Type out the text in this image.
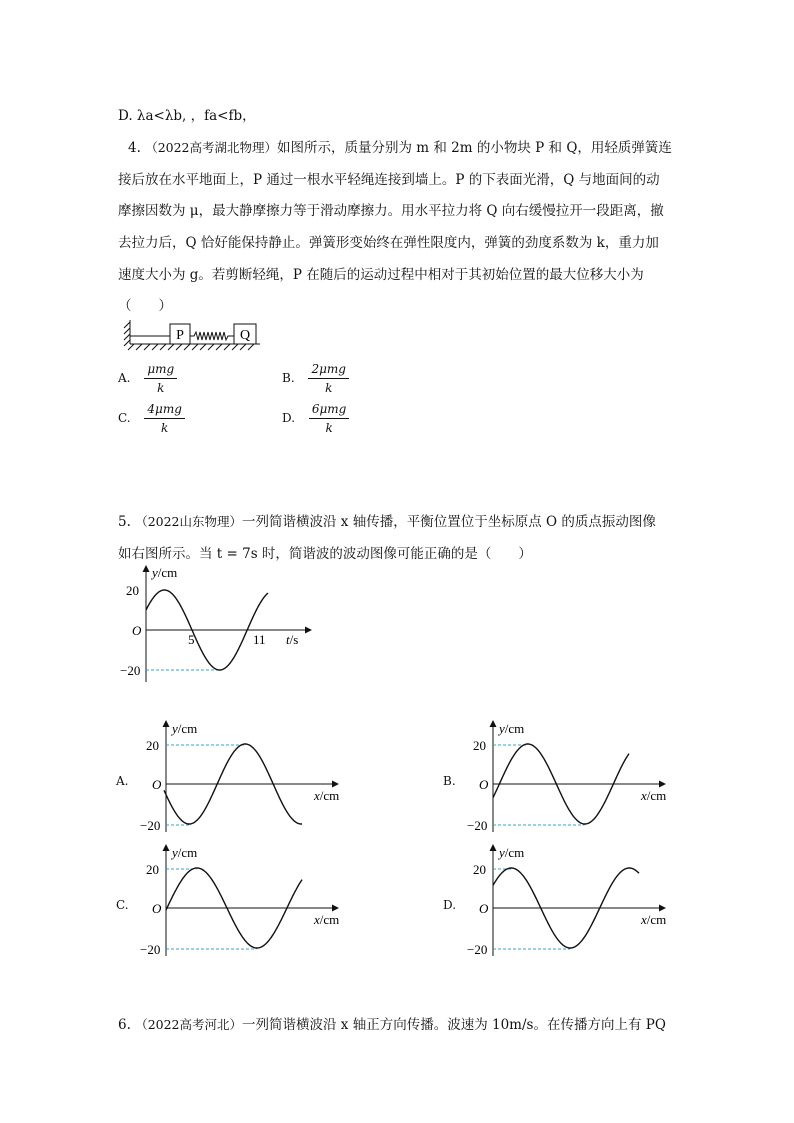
D. λa<λb, ，fa<fb，
4. （2022高考湖北物理）如图所示，质量分别为 m 和 2m 的小物块 P 和 Q，用轻质弹簧连
接后放在水平地面上，P 通过一根水平轻绳连接到墙上。P 的下表面光滑，Q 与地面间的动
摩擦因数为 μ，最大静摩擦力等于滑动摩擦力。用水平拉力将 Q 向右缓慢拉开一段距离，撤
去拉力后，Q 恰好能保持静止。弹簧形变始终在弹性限度内，弹簧的劲度系数为 k，重力加
速度大小为 g。若剪断轻绳，P 在随后的运动过程中相对于其初始位置的最大位移大小为
（　　）
P	Q
A. $\frac{\text{μmg}}{k}$	B. $\frac{\text{2μmg}}{k}$
C. $\frac{\text{4μmg}}{k}$	D. $\frac{\text{6μmg}}{k}$
5. （2022山东物理）一列简谐横波沿 x 轴传播，平衡位置位于坐标原点 O 的质点振动图像
如右图所示。当 t = 7s 时，简谐波的波动图像可能正确的是（　　）
y/cm
20
−20
O
5	11 t/s
A.
y/cm
20
−20
O
x/cm
B.
y/cm
20
−20
O
x/cm
C.
y/cm
20
−20
O
x/cm
D.
y/cm
20
−20
O
x/cm
6. （2022高考河北）一列简谐横波沿 x 轴正方向传播。波速为 10m/s。在传播方向上有 PQ
